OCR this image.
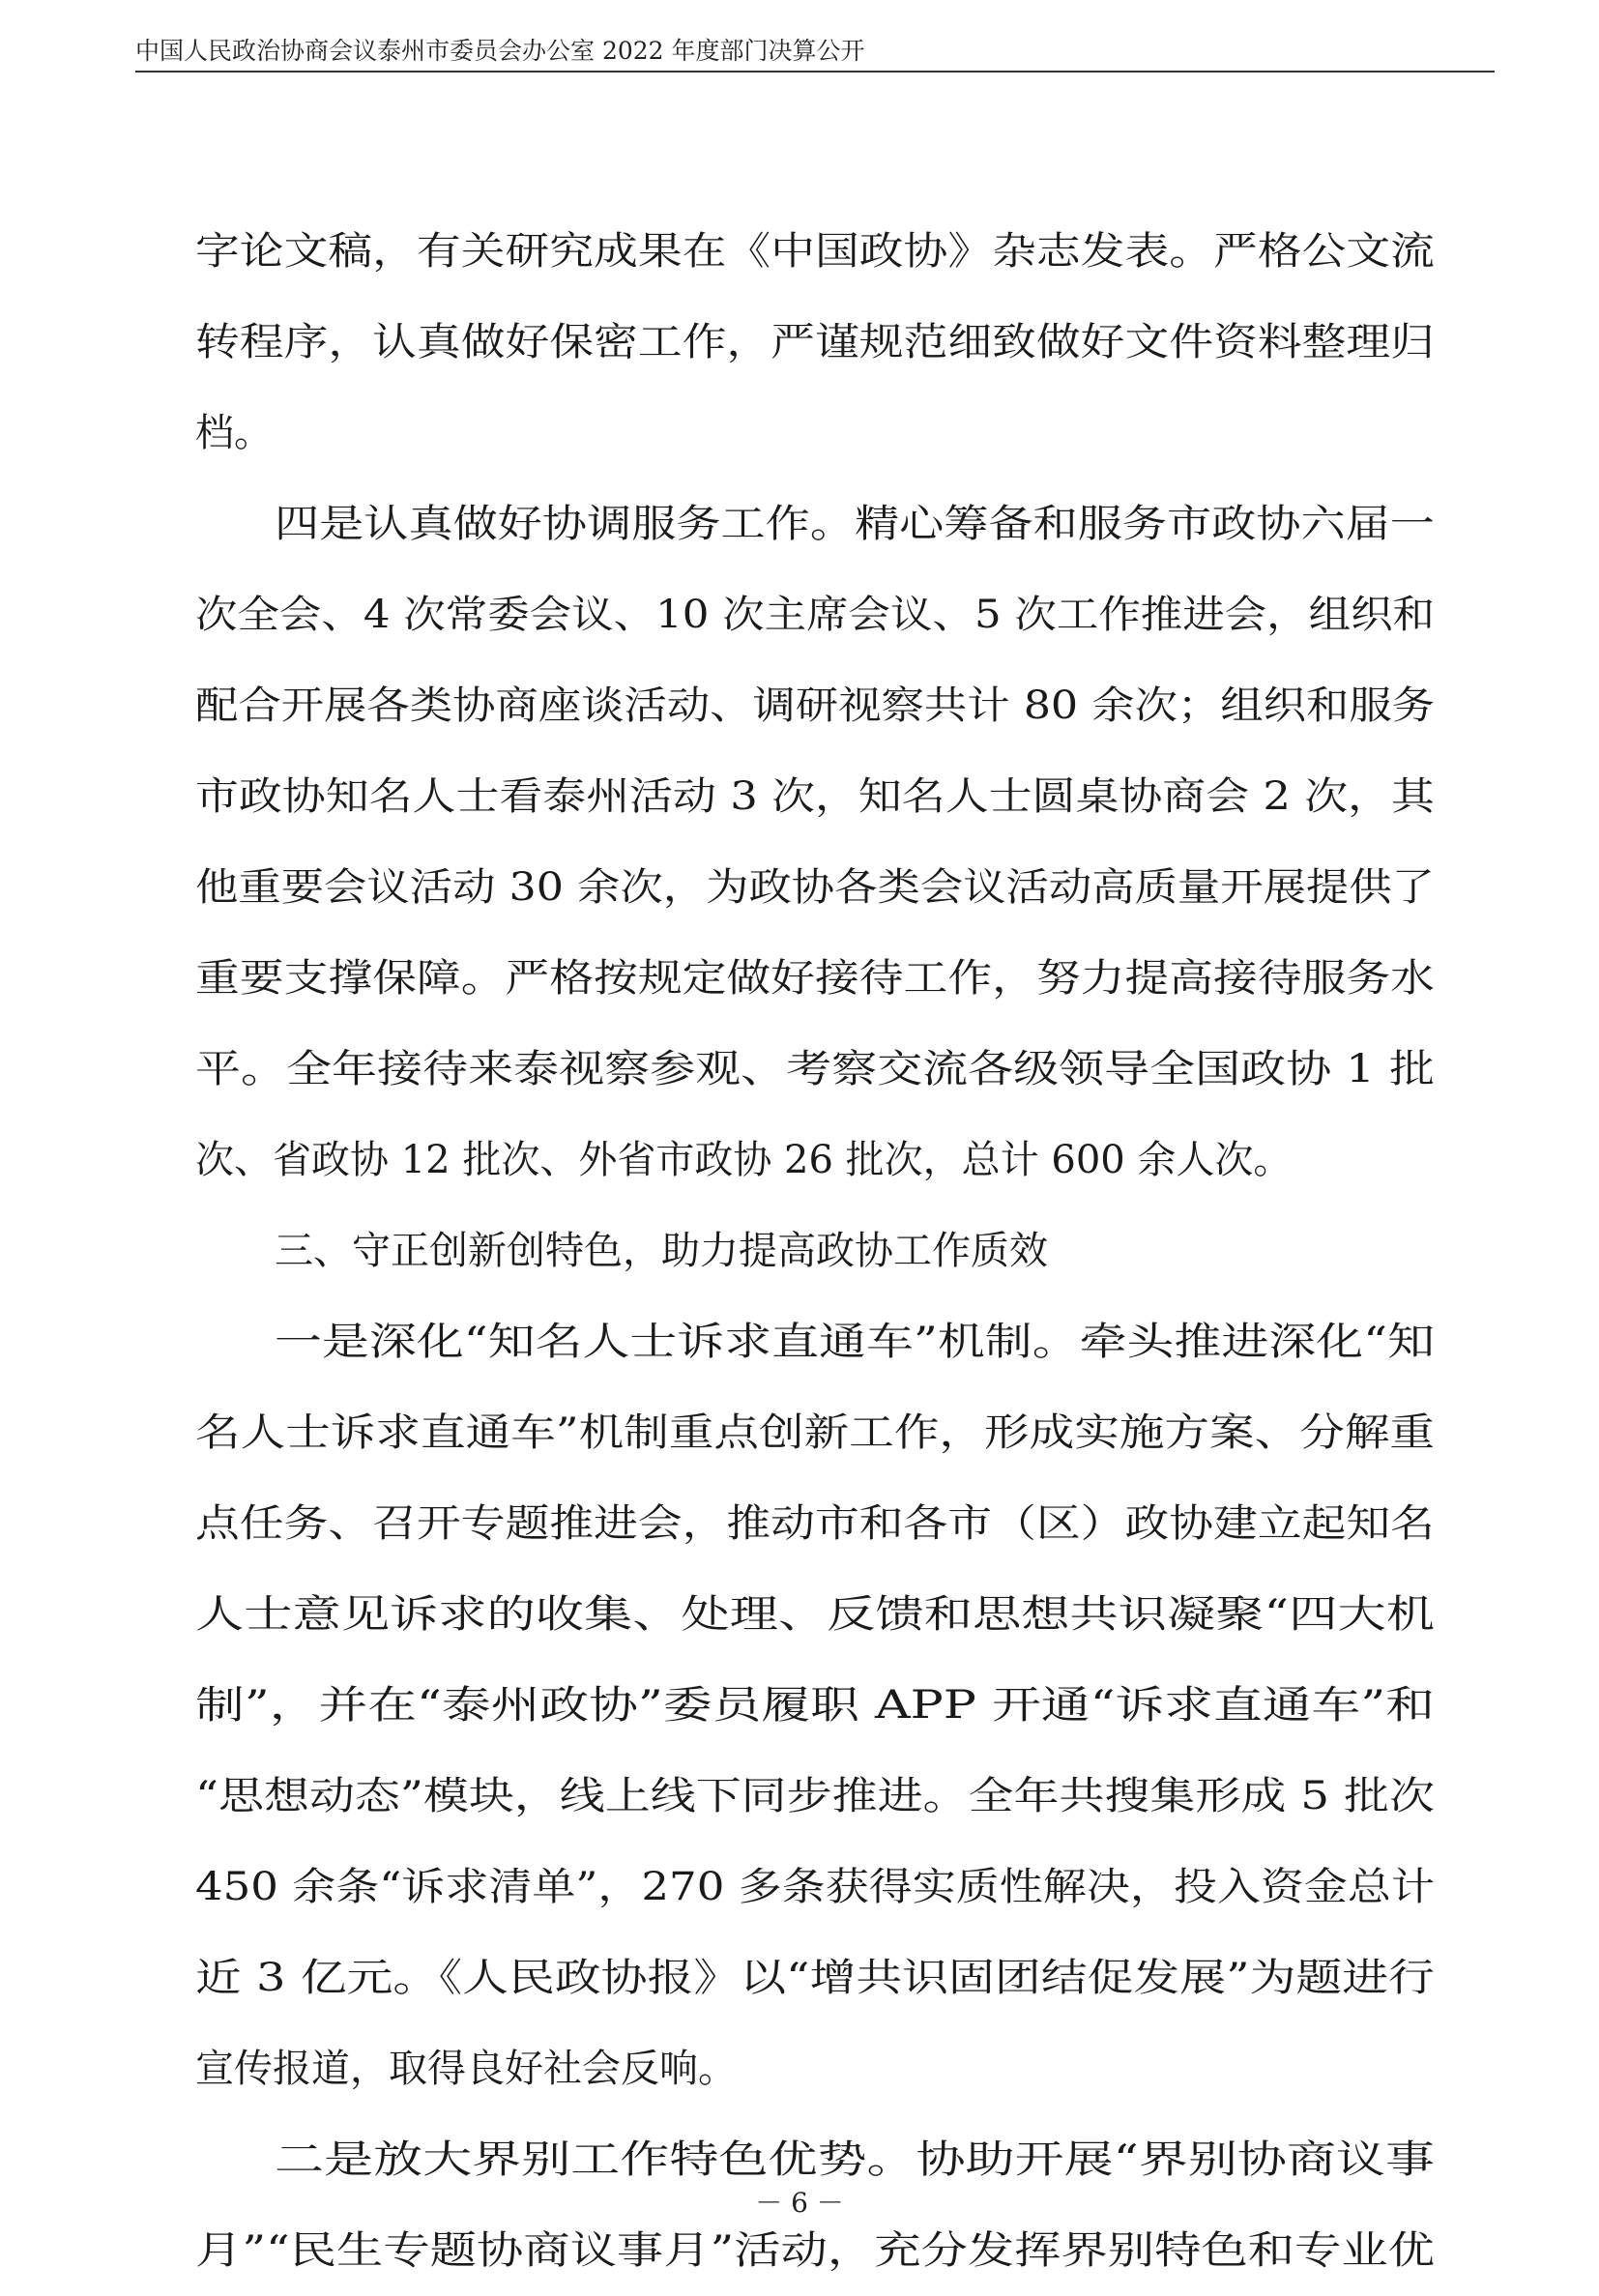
中国人民政治协商会议泰州市委员会办公室 2022 年度部门决算公开
字论文稿，有关研究成果在《中国政协》杂志发表。严格公文流
转程序，认真做好保密工作，严谨规范细致做好文件资料整理归
档。
四是认真做好协调服务工作。精心筹备和服务市政协六届一
次全会、4 次常委会议、10 次主席会议、5 次工作推进会，组织和
配合开展各类协商座谈活动、调研视察共计 80 余次；组织和服务
市政协知名人士看泰州活动 3 次，知名人士圆桌协商会 2 次，其
他重要会议活动 30 余次，为政协各类会议活动高质量开展提供了
重要支撑保障。严格按规定做好接待工作，努力提高接待服务水
平。全年接待来泰视察参观、考察交流各级领导全国政协 1 批
次、省政协 12 批次、外省市政协 26 批次，总计 600 余人次。
三、守正创新创特色，助力提高政协工作质效
一是深化“知名人士诉求直通车”机制。牵头推进深化“知
名人士诉求直通车”机制重点创新工作，形成实施方案、分解重
点任务、召开专题推进会，推动市和各市（区）政协建立起知名
人士意见诉求的收集、处理、反馈和思想共识凝聚“四大机
制”，并在“泰州政协”委员履职 APP 开通“诉求直通车”和
“思想动态”模块，线上线下同步推进。全年共搜集形成 5 批次
450 余条“诉求清单”，270 多条获得实质性解决，投入资金总计
近 3 亿元。《人民政协报》以“增共识固团结促发展”为题进行
宣传报道，取得良好社会反响。
二是放大界别工作特色优势。协助开展“界别协商议事
月”“民生专题协商议事月”活动，充分发挥界别特色和专业优
－ 6 －
